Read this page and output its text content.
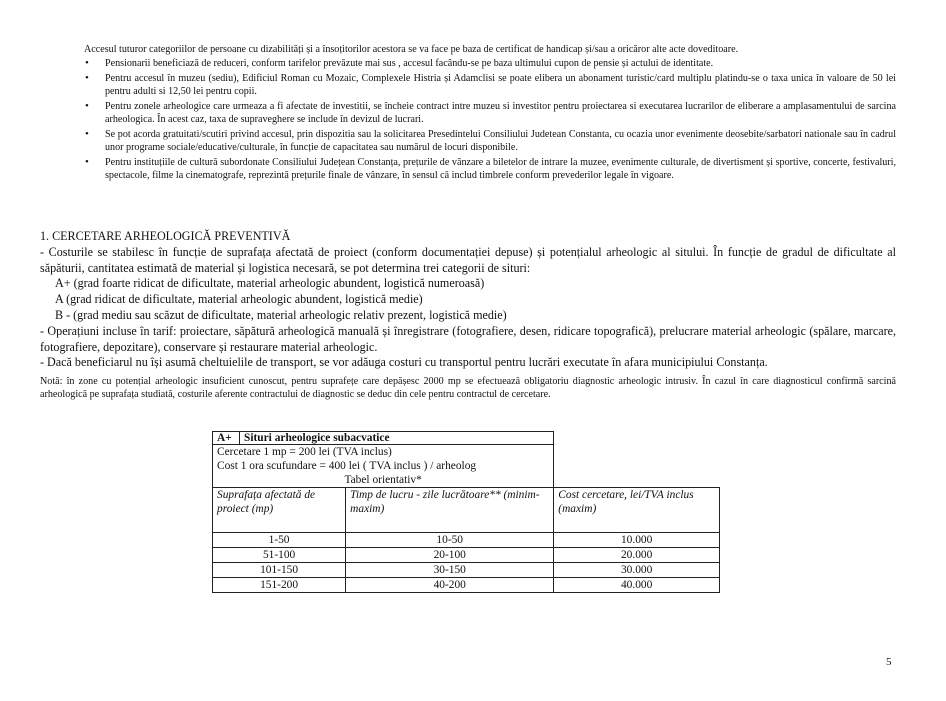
Accesul tuturor categoriilor de persoane cu dizabilități și a însoțitorilor acestora se va face pe baza de certificat de handicap și/sau a oricăror alte acte doveditoare.

• Pensionarii beneficiază de reduceri, conform tarifelor prevăzute mai sus , accesul facându-se pe baza ultimului cupon de pensie și actului de identitate.
• Pentru accesul în muzeu (sediu), Edificiul Roman cu Mozaic, Complexele Histria și Adamclisi se poate elibera un abonament turistic/card multiplu platindu-se o taxa unica în valoare de 50 lei pentru adulti si 12,50 lei pentru copii.
• Pentru zonele arheologice care urmeaza a fi afectate de investitii, se încheie contract intre muzeu si investitor pentru proiectarea si executarea lucrarilor de eliberare a amplasamentului de sarcina arheologica. În acest caz, taxa de supraveghere se include în devizul de lucrari.
• Se pot acorda gratuitati/scutiri privind accesul, prin dispozitia sau la solicitarea Presedintelui Consiliului Judetean Constanta, cu ocazia unor evenimente deosebite/sarbatori nationale sau în cadrul unor programe sociale/educative/culturale, în funcție de capacitatea sau numărul de locuri disponibile.
• Pentru instituțiile de cultură subordonate Consiliului Județean Constanța, prețurile de vânzare a biletelor de intrare la muzee, evenimente culturale, de divertisment și sportive, concerte, festivaluri, spectacole, filme la cinematografe, reprezintă prețurile finale de vânzare, în sensul că includ timbrele conform prevederilor legale în vigoare.

1. CERCETARE ARHEOLOGICĂ PREVENTIVĂ

- Costurile se stabilesc în funcție de suprafața afectată de proiect (conform documentației depuse) și potențialul arheologic al sitului. În funcție de gradul de dificultate al săpăturii, cantitatea estimată de material și logistica necesară, se pot determina trei categorii de situri:

A+ (grad foarte ridicat de dificultate, material arheologic abundent, logistică numeroasă)

A (grad ridicat de dificultate, material arheologic abundent, logistică medie)

B - (grad mediu sau scăzut de dificultate, material arheologic relativ prezent, logistică medie)

- Operațiuni incluse în tarif: proiectare, săpătură arheologică manuală și înregistrare (fotografiere, desen, ridicare topografică), prelucrare material arheologic (spălare, marcare, fotografiere, depozitare), conservare și restaurare material arheologic.

- Dacă beneficiarul nu își asumă cheltuielile de transport, se vor adăuga costuri cu transportul pentru lucrări executate în afara municipiului Constanța.

Notă: în zone cu potențial arheologic insuficient cunoscut, pentru suprafețe care depășesc 2000 mp se efectuează obligatoriu diagnostic arheologic intrusiv. În cazul în care diagnosticul confirmă sarcină arheologică pe suprafața studiată, costurile aferente contractului de diagnostic se deduc din cele pentru contractul de cercetare.

A+	Situri arheologice subacvatice		

Cercetare 1 mp = 200 lei (TVA inclus)
Cost 1 ora scufundare = 400 lei ( TVA inclus ) / arheolog
Tabel orientativ*			

Suprafața afectată de proiect (mp)		Timp de lucru - zile lucrătoare** (minim-maxim)	Cost cercetare, lei/TVA inclus (maxim)
1-50		10-50	10.000
51-100		20-100	20.000
101-150		30-150	30.000
151-200		40-200	40.000
5
